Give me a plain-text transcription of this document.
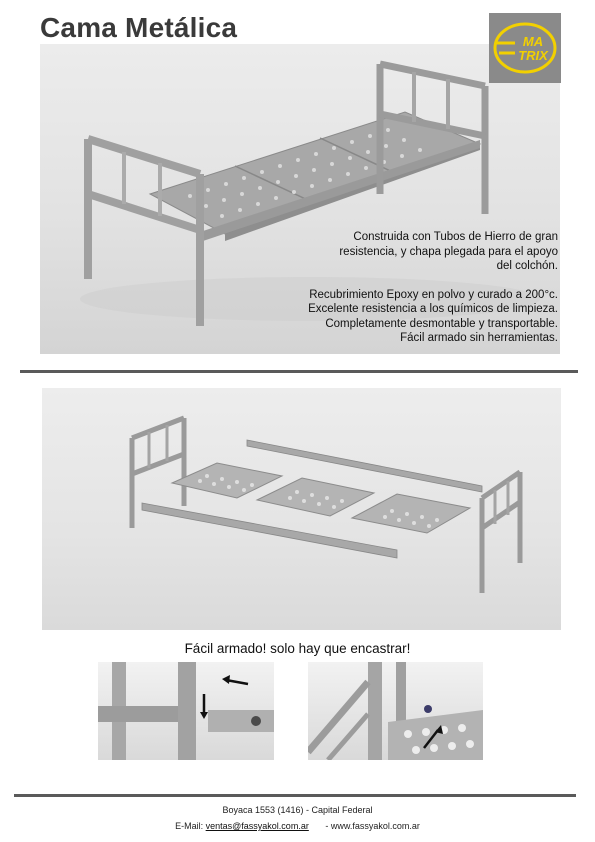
Cama Metálica

Construida con Tubos de Hierro de gran

resistencia, y chapa plegada para el apoyo

del colchón.

Recubrimiento Epoxy en polvo y curado a 200°c.

Excelente resistencia a los químicos de limpieza.

Completamente desmontable y transportable.

Fácil armado sin herramientas.

MA
TRIX
Fácil armado! solo hay que encastrar!
Boyaca 1553 (1416) - Capital Federal
E-Mail: ventas@fassyakol.com.ar - www.fassyakol.com.ar
